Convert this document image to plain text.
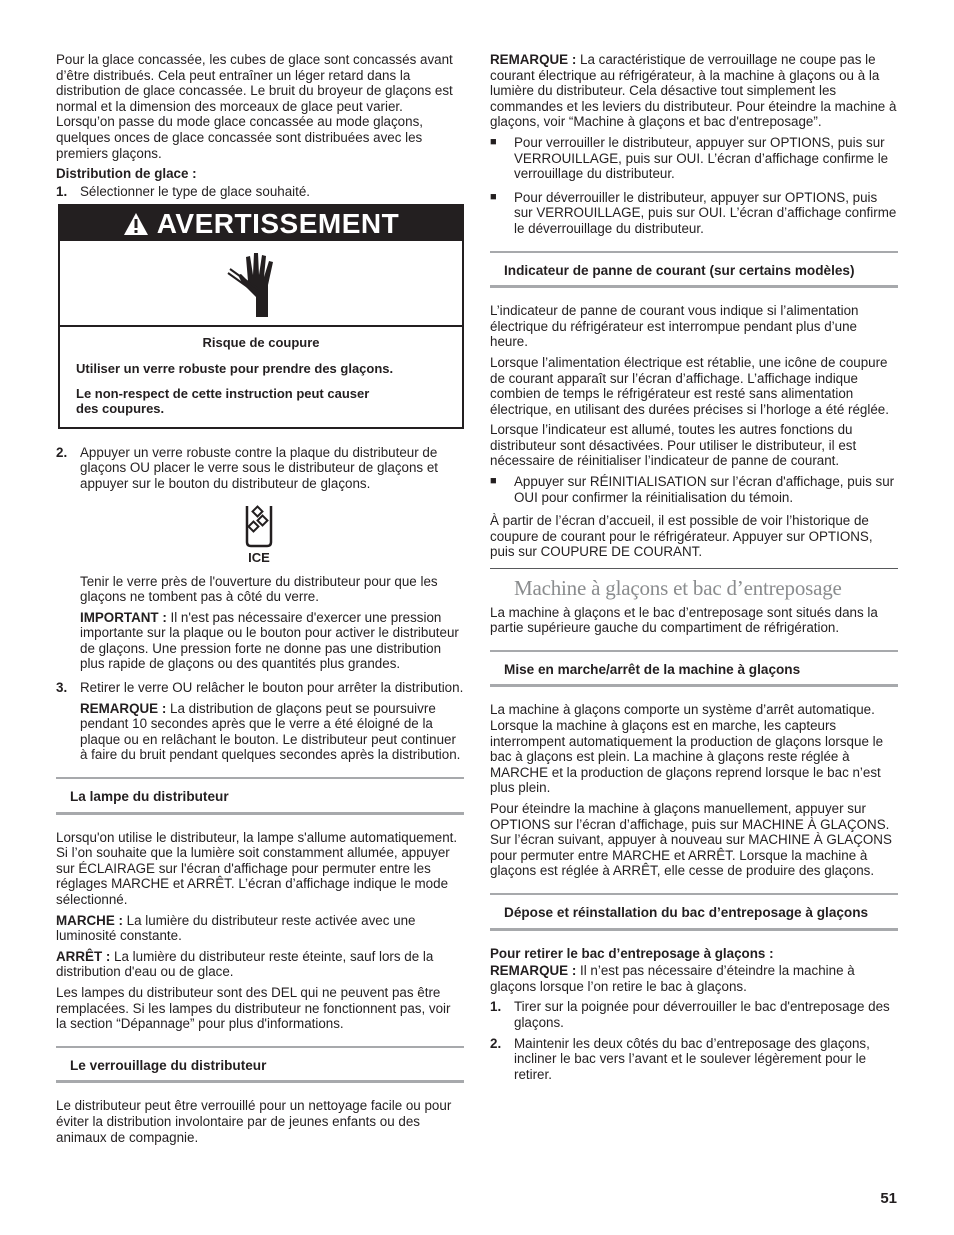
Pour la glace concassée, les cubes de glace sont concassés avant d’être distribués. Cela peut entraîner un léger retard dans la distribution de glace concassée. Le bruit du broyeur de glaçons est normal et la dimension des morceaux de glace peut varier. Lorsqu’on passe du mode glace concassée au mode glaçons, quelques onces de glace concassée sont distribuées avec les premiers glaçons.

Distribution de glace :
1. Sélectionner le type de glace souhaité.
AVERTISSEMENT
Risque de coupure

Utiliser un verre robuste pour prendre des glaçons.

Le non-respect de cette instruction peut causer des coupures.

2. Appuyer un verre robuste contre la plaque du distributeur de glaçons OU placer le verre sous le distributeur de glaçons et appuyer sur le bouton du distributeur de glaçons.
ICE

Tenir le verre près de l'ouverture du distributeur pour que les glaçons ne tombent pas à côté du verre.

IMPORTANT : Il n'est pas nécessaire d'exercer une pression importante sur la plaque ou le bouton pour activer le distributeur de glaçons. Une pression forte ne donne pas une distribution plus rapide de glaçons ou des quantités plus grandes.

3. Retirer le verre OU relâcher le bouton pour arrêter la distribution.

REMARQUE : La distribution de glaçons peut se poursuivre pendant 10 secondes après que le verre a été éloigné de la plaque ou en relâchant le bouton. Le distributeur peut continuer à faire du bruit pendant quelques secondes après la distribution.

La lampe du distributeur

Lorsqu'on utilise le distributeur, la lampe s'allume automatiquement. Si l’on souhaite que la lumière soit constamment allumée, appuyer sur ÉCLAIRAGE sur l'écran d'affichage pour permuter entre les réglages MARCHE et ARRÊT. L’écran d’affichage indique le mode sélectionné.

MARCHE : La lumière du distributeur reste activée avec une luminosité constante.

ARRÊT : La lumière du distributeur reste éteinte, sauf lors de la distribution d'eau ou de glace.

Les lampes du distributeur sont des DEL qui ne peuvent pas être remplacées. Si les lampes du distributeur ne fonctionnent pas, voir la section “Dépannage” pour plus d'informations.

Le verrouillage du distributeur

Le distributeur peut être verrouillé pour un nettoyage facile ou pour éviter la distribution involontaire par de jeunes enfants ou des animaux de compagnie.

REMARQUE : La caractéristique de verrouillage ne coupe pas le courant électrique au réfrigérateur, à la machine à glaçons ou à la lumière du distributeur. Cela désactive tout simplement les commandes et les leviers du distributeur. Pour éteindre la machine à glaçons, voir “Machine à glaçons et bac d'entreposage”.

■	Pour verrouiller le distributeur, appuyer sur OPTIONS, puis sur VERROUILLAGE, puis sur OUI. L’écran d’affichage confirme le verrouillage du distributeur.
■	Pour déverrouiller le distributeur, appuyer sur OPTIONS, puis sur VERROUILLAGE, puis sur OUI. L’écran d’affichage confirme le déverrouillage du distributeur.
Indicateur de panne de courant (sur certains modèles)

L’indicateur de panne de courant vous indique si l’alimentation électrique du réfrigérateur est interrompue pendant plus d’une heure.

Lorsque l’alimentation électrique est rétablie, une icône de coupure de courant apparaît sur l’écran d’affichage. L’affichage indique combien de temps le réfrigérateur est resté sans alimentation électrique, en utilisant des durées précises si l’horloge a été réglée.

Lorsque l’indicateur est allumé, toutes les autres fonctions du distributeur sont désactivées. Pour utiliser le distributeur, il est nécessaire de réinitialiser l’indicateur de panne de courant.

■	Appuyer sur RÉINITIALISATION sur l’écran d'affichage, puis sur OUI pour confirmer la réinitialisation du témoin.

À partir de l’écran d’accueil, il est possible de voir l’historique de coupure de courant pour le réfrigérateur. Appuyer sur OPTIONS, puis sur COUPURE DE COURANT.

Machine à glaçons et bac d’entreposage

La machine à glaçons et le bac d’entreposage sont situés dans la partie supérieure gauche du compartiment de réfrigération.

Mise en marche/arrêt de la machine à glaçons

La machine à glaçons comporte un système d’arrêt automatique. Lorsque la machine à glaçons est en marche, les capteurs interrompent automatiquement la production de glaçons lorsque le bac à glaçons est plein. La machine à glaçons reste réglée à MARCHE et la production de glaçons reprend lorsque le bac n’est plus plein.

Pour éteindre la machine à glaçons manuellement, appuyer sur OPTIONS sur l’écran d’affichage, puis sur MACHINE À GLAÇONS. Sur l’écran suivant, appuyer à nouveau sur MACHINE À GLAÇONS pour permuter entre MARCHE et ARRÊT. Lorsque la machine à glaçons est réglée à ARRÊT, elle cesse de produire des glaçons.

Dépose et réinstallation du bac d’entreposage à glaçons
Pour retirer le bac d’entreposage à glaçons :

REMARQUE : Il n’est pas nécessaire d’éteindre la machine à glaçons lorsque l’on retire le bac à glaçons.

1. Tirer sur la poignée pour déverrouiller le bac d'entreposage des glaçons.
2. Maintenir les deux côtés du bac d’entreposage des glaçons, incliner le bac vers l’avant et le soulever légèrement pour le retirer.
51
